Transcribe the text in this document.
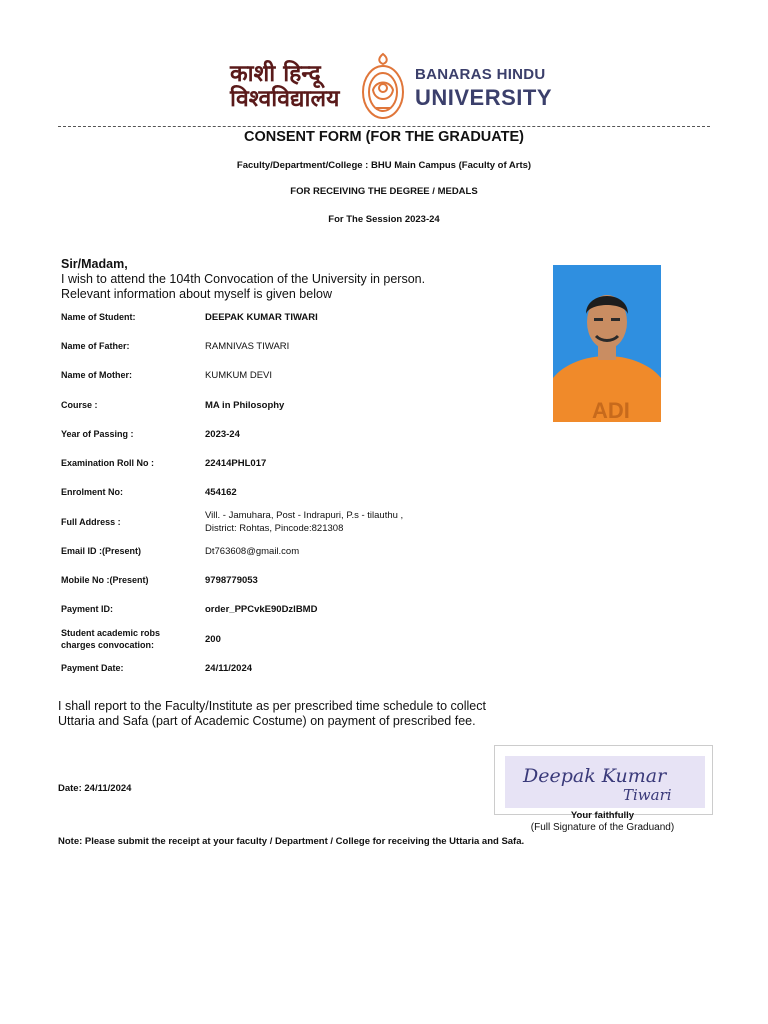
काशी हिन्दू
विश्वविद्यालय
BANARAS HINDU
UNIVERSITY
CONSENT FORM (FOR THE GRADUATE)
Faculty/Department/College : BHU Main Campus (Faculty of Arts)
FOR RECEIVING THE DEGREE / MEDALS
For The Session 2023-24
Sir/Madam,
I wish to attend the 104th Convocation of the University in person.
Relevant information about myself is given below
ADI
Name of Student:	DEEPAK KUMAR TIWARI
Name of Father:	RAMNIVAS TIWARI
Name of Mother:	KUMKUM DEVI
Course :	MA in Philosophy
Year of Passing :	2023-24
Examination Roll No :	22414PHL017
Enrolment No:	454162
Full Address :
Vill. - Jamuhara, Post - Indrapuri, P.s - tilauthu ,
District: Rohtas, Pincode:821308
Email ID :(Present)	Dt763608@gmail.com
Mobile No :(Present)	9798779053
Payment ID:	order_PPCvkE90DzlBMD
Student academic robs
charges convocation:	200
Payment Date:	24/11/2024
I shall report to the Faculty/Institute as per prescribed time schedule to collect Uttaria and Safa (part of Academic Costume) on payment of prescribed fee.
Date: 24/11/2024
Deepak Kumar
Tiwari
Your faithfully
(Full Signature of the Graduand)
Note: Please submit the receipt at your faculty / Department / College for receiving the Uttaria and Safa.
